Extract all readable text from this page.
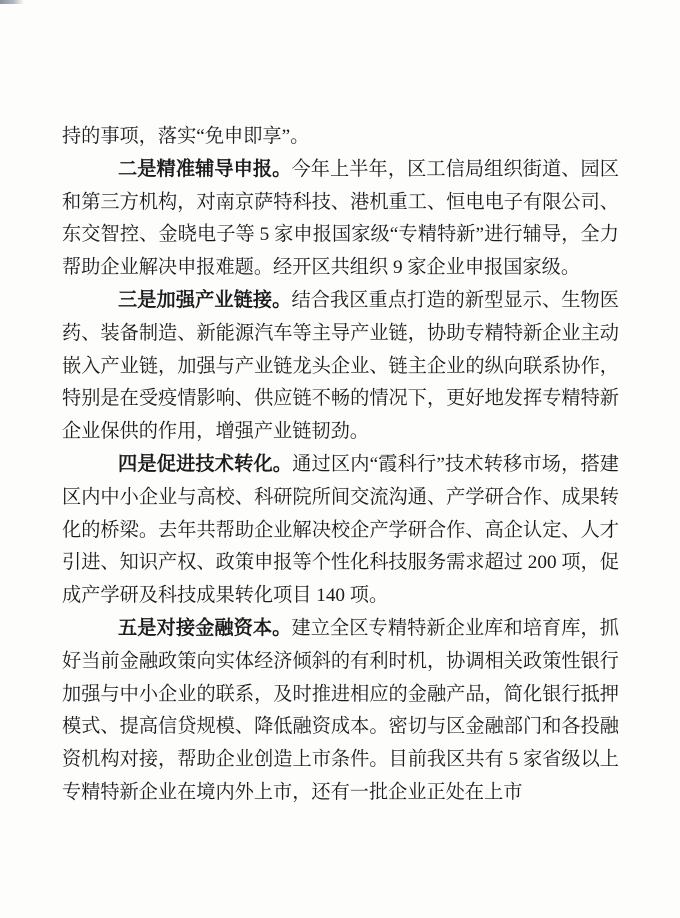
持的事项，落实“免申即享”。

二是精准辅导申报。今年上半年，区工信局组织街道、园区和第三方机构，对南京萨特科技、港机重工、恒电电子有限公司、东交智控、金晓电子等 5 家申报国家级“专精特新”进行辅导，全力帮助企业解决申报难题。经开区共组织 9 家企业申报国家级。

三是加强产业链接。结合我区重点打造的新型显示、生物医药、装备制造、新能源汽车等主导产业链，协助专精特新企业主动嵌入产业链，加强与产业链龙头企业、链主企业的纵向联系协作，特别是在受疫情影响、供应链不畅的情况下，更好地发挥专精特新企业保供的作用，增强产业链韧劲。

四是促进技术转化。通过区内“霞科行”技术转移市场，搭建区内中小企业与高校、科研院所间交流沟通、产学研合作、成果转化的桥梁。去年共帮助企业解决校企产学研合作、高企认定、人才引进、知识产权、政策申报等个性化科技服务需求超过 200 项，促成产学研及科技成果转化项目 140 项。

五是对接金融资本。建立全区专精特新企业库和培育库，抓好当前金融政策向实体经济倾斜的有利时机，协调相关政策性银行加强与中小企业的联系，及时推进相应的金融产品，简化银行抵押模式、提高信贷规模、降低融资成本。密切与区金融部门和各投融资机构对接，帮助企业创造上市条件。目前我区共有 5 家省级以上专精特新企业在境内外上市，还有一批企业正处在上市
